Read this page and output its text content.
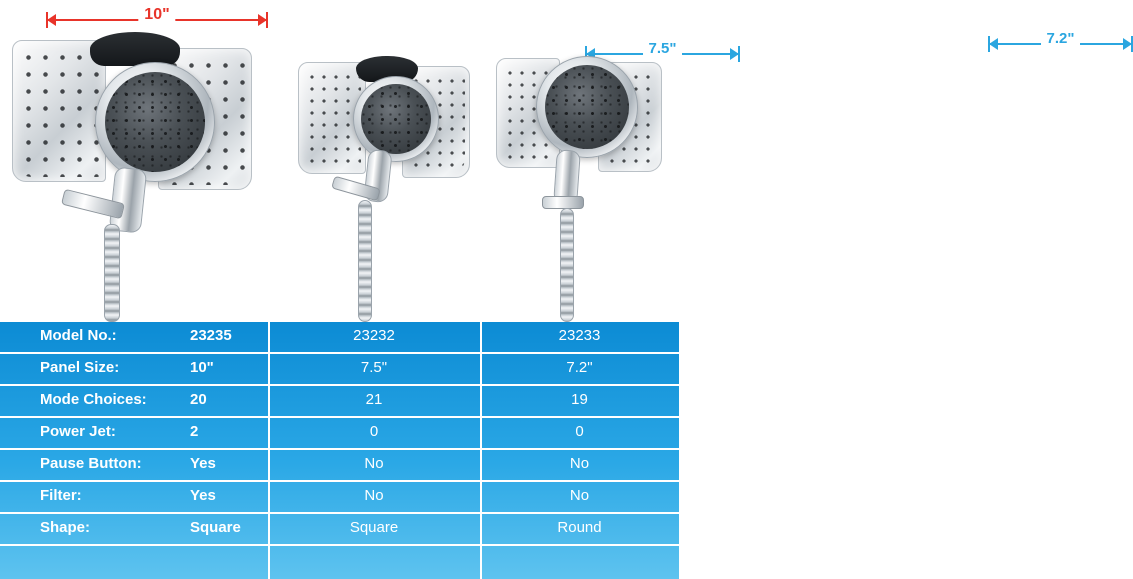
10"
7.5"
7.2"
Model No.:	23235	23232	23233
Panel Size:	10"	7.5"	7.2"
Mode Choices:	20	21	19
Power Jet:	2	0	0
Pause Button:	Yes	No	No
Filter:	Yes	No	No
Shape:	Square	Square	Round
